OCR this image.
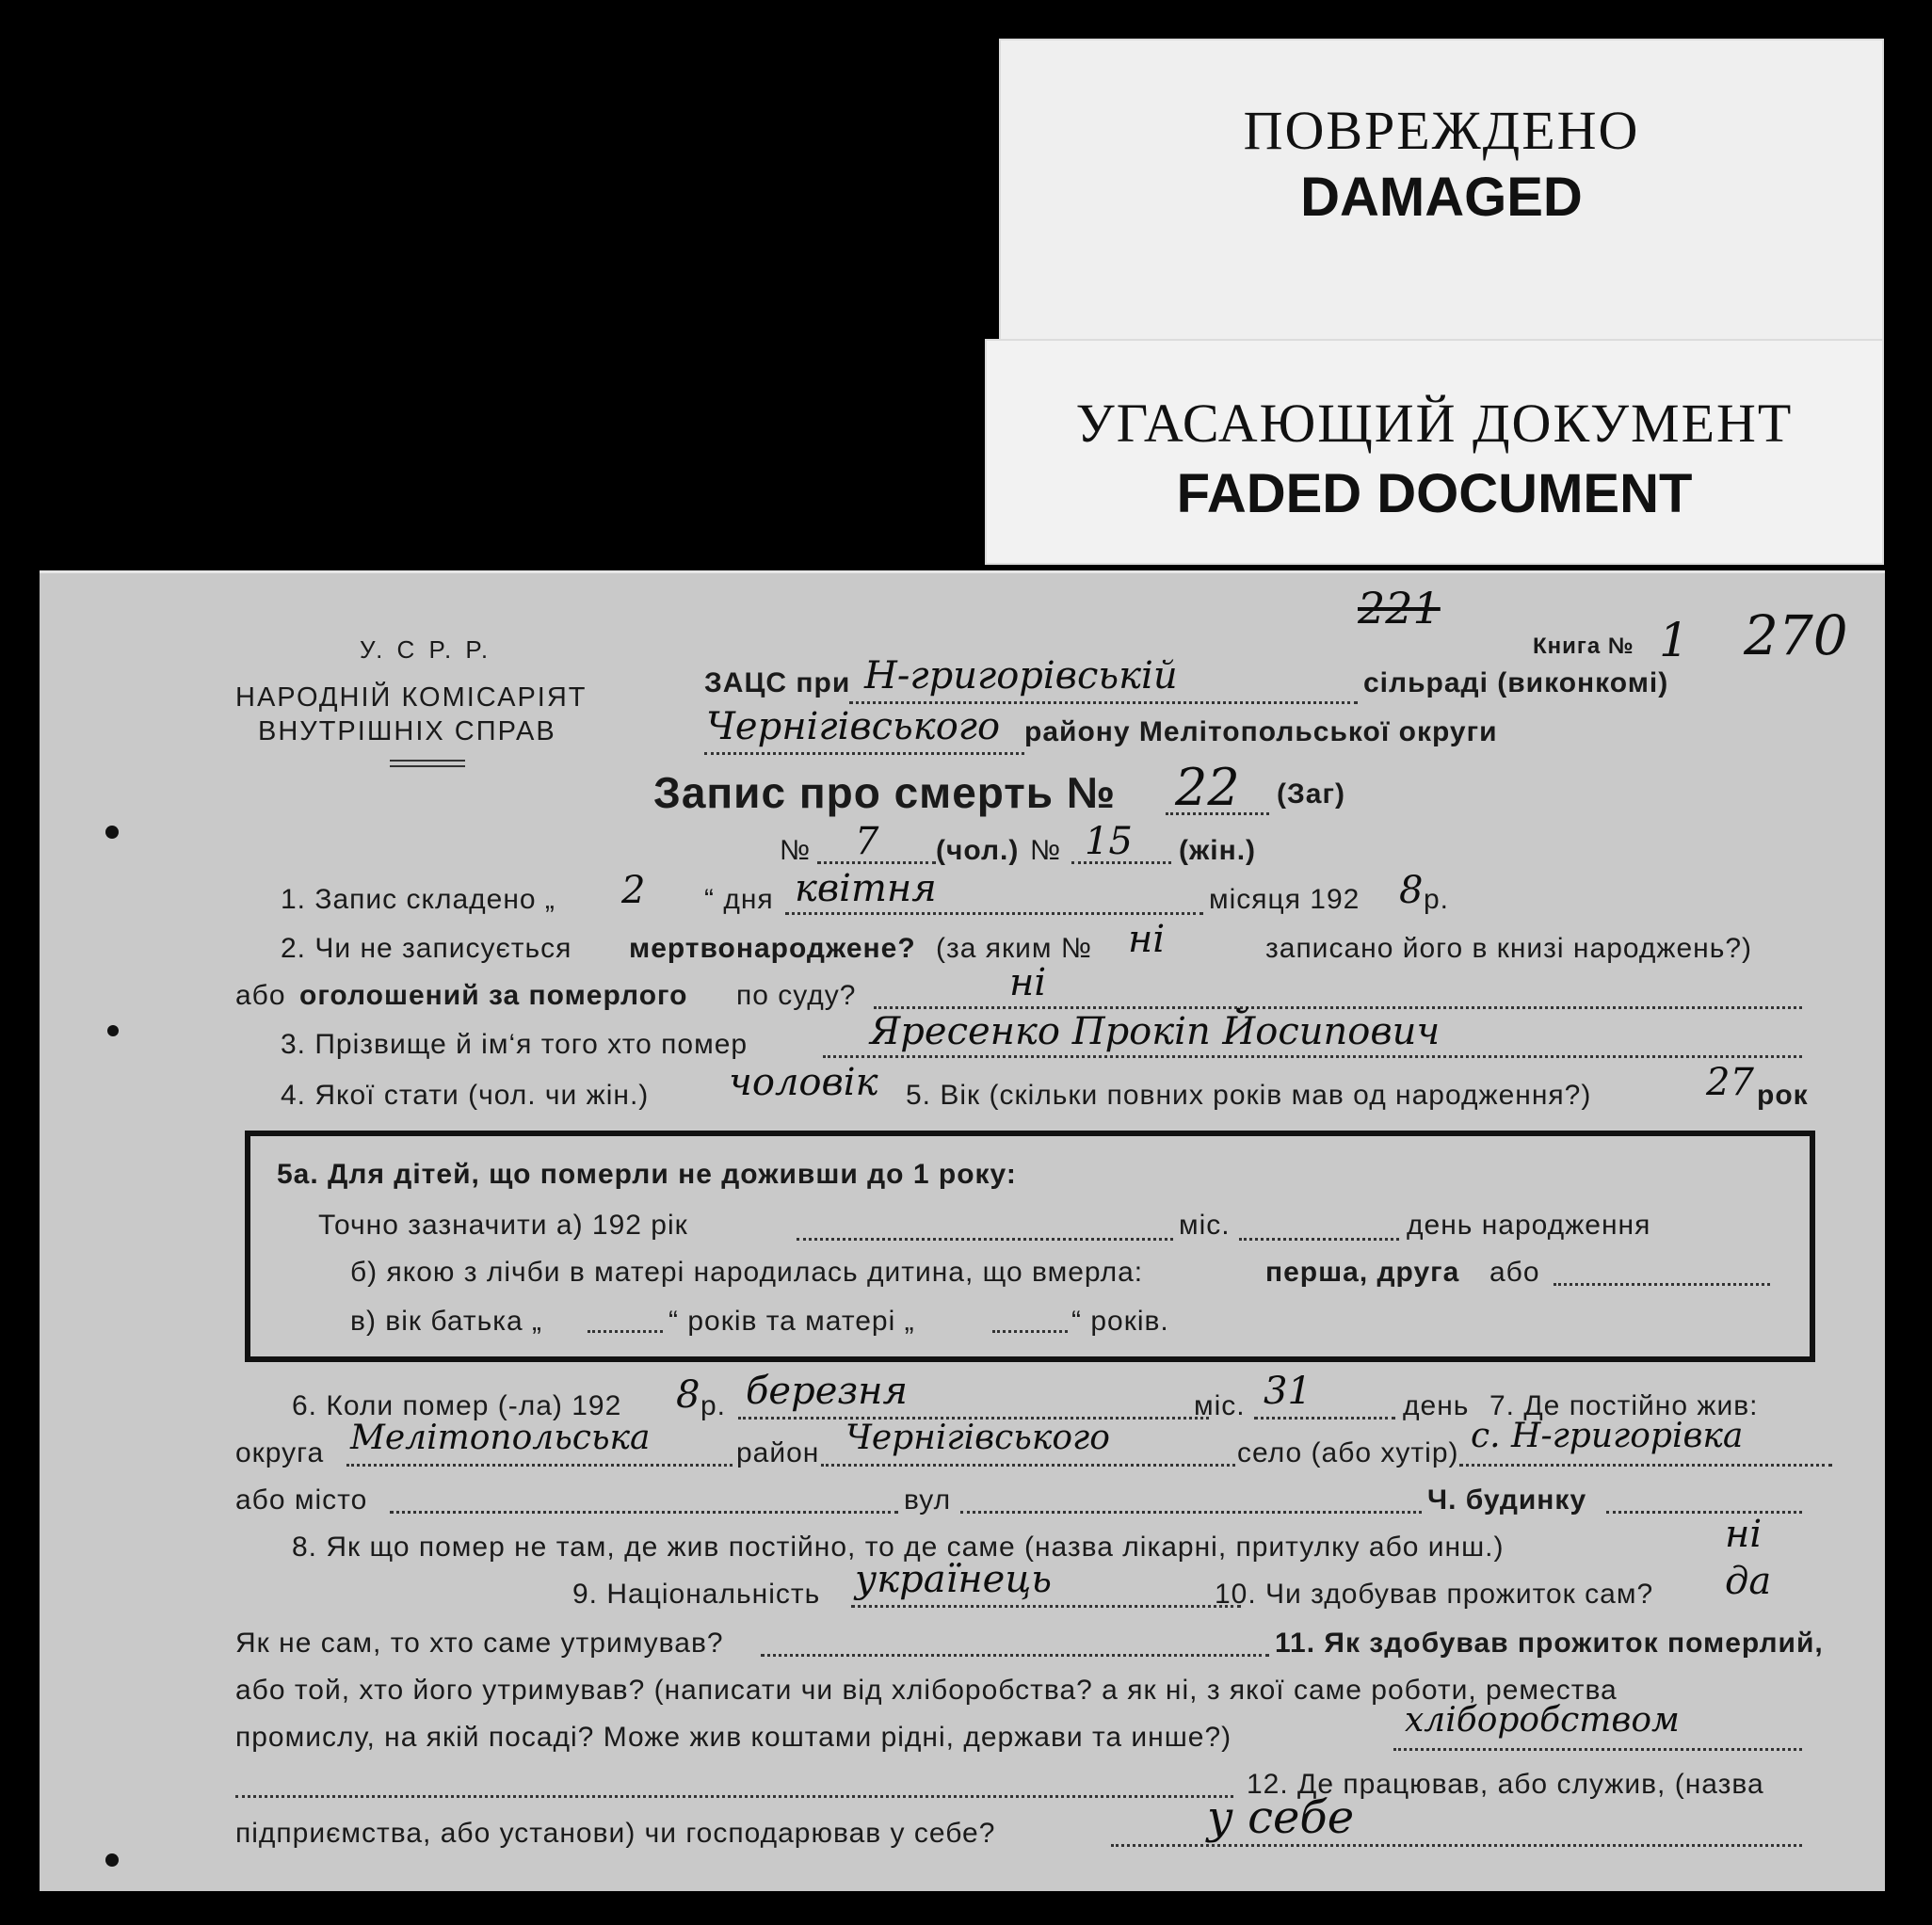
ПОВРЕЖДЕНО
DAMAGED
УГАСАЮЩИЙ ДОКУМЕНТ
FADED DOCUMENT
У. С Р. Р.
НАРОДНІЙ КОМІСАРІЯТ
ВНУТРІШНІХ СПРАВ
221
Книга № 1 270
ЗАЦС при Н-григорівській	сільраді (виконкомі)
Чернігівського району Мелітопольської округи
Запис про смерть № 22 (Заг)
№ 7 (чол.) № 15 (жін.)
1. Запис складено „ 2 “ дня квітня	місяця 192 8 р.
2. Чи не записується мертвонароджене? (за яким № ні	записано його в книзі народжень?)
або оголошений за померлого по суду?	ні
3. Прізвище й ім‘я того хто помер	Яресенко Прокіп Йосипович
4. Якої стати (чол. чи жін.) чоловік 5. Вік (скільки повних років мав од народження?)	27 рок
5а. Для дітей, що померли не доживши до 1 року:
Точно зазначити а) 192 рік	міс.	день народження
б) якою з лічби в матері народилась дитина, що вмерла:	перша, друга або
в) вік батька „	“ років та матері „	“ років.
6. Коли помер (-ла) 192 8 р. березня	міс. 31	день 7. Де постійно жив:
округа Мелітопольська	район Чернігівського	село (або хутір) с. Н-григорівка
або місто	вул	Ч. будинку
8. Як що помер не там, де жив постійно, то де саме (назва лікарні, притулку або инш.)	ні
9. Національність українець	10. Чи здобував прожиток сам? да
Як не сам, то хто саме утримував?	11. Як здобував прожиток померлий,
або той, хто його утримував? (написати чи від хліборобства? а як ні, з якої саме роботи, ремества
промислу, на якій посаді? Може жив коштами рідні, держави та инше?)	хліборобством
12. Де працював, або служив, (назва
підприємства, або установи) чи господарював у себе?	у себе
